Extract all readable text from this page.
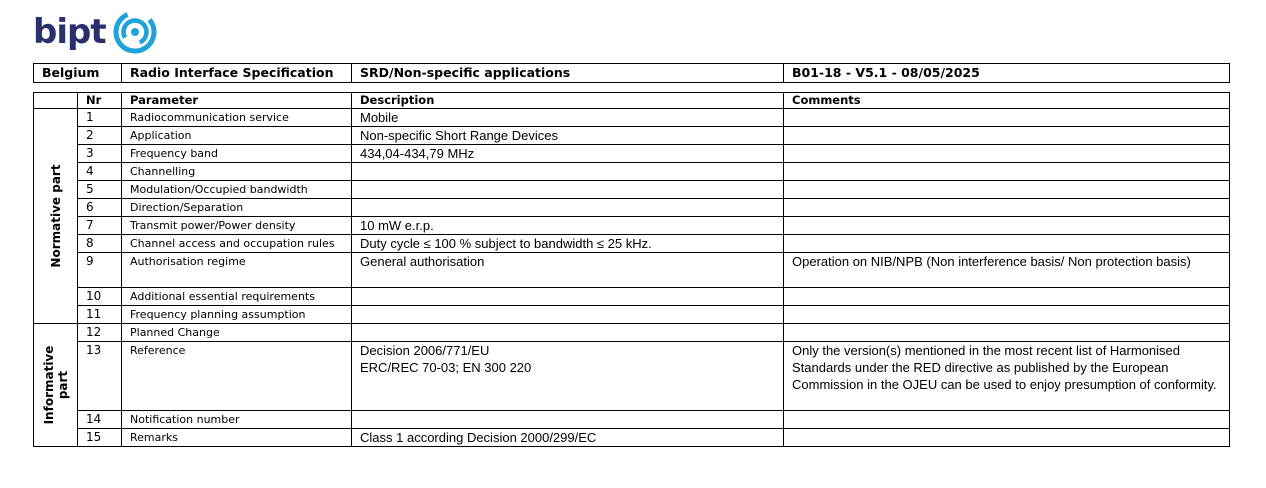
bipt
Belgium	Radio Interface Specification	SRD/Non-specific applications	B01-18 - V5.1 - 08/05/2025
	Nr	Parameter	Description	Comments

Normative part	1	Radiocommunication service	Mobile	
	2	Application	Non-specific Short Range Devices	
	3	Frequency band	434,04-434,79 MHz	
	4	Channelling		
	5	Modulation/Occupied bandwidth		
	6	Direction/Separation		
	7	Transmit power/Power density	10 mW e.r.p.	
	8	Channel access and occupation rules	Duty cycle ≤ 100 % subject to bandwidth ≤ 25 kHz.	
	9	Authorisation regime	General authorisation	Operation on NIB/NPB (Non interference basis/ Non protection basis)
	10	Additional essential requirements		
	11	Frequency planning assumption		

Informative part	12	Planned Change		
	13	Reference	Decision 2006/771/EU
ERC/REC 70-03; EN 300 220	Only the version(s) mentioned in the most recent list of Harmonised Standards under the RED directive as published by the European Commission in the OJEU can be used to enjoy presumption of conformity.
	14	Notification number		
	15	Remarks	Class 1 according Decision 2000/299/EC	
